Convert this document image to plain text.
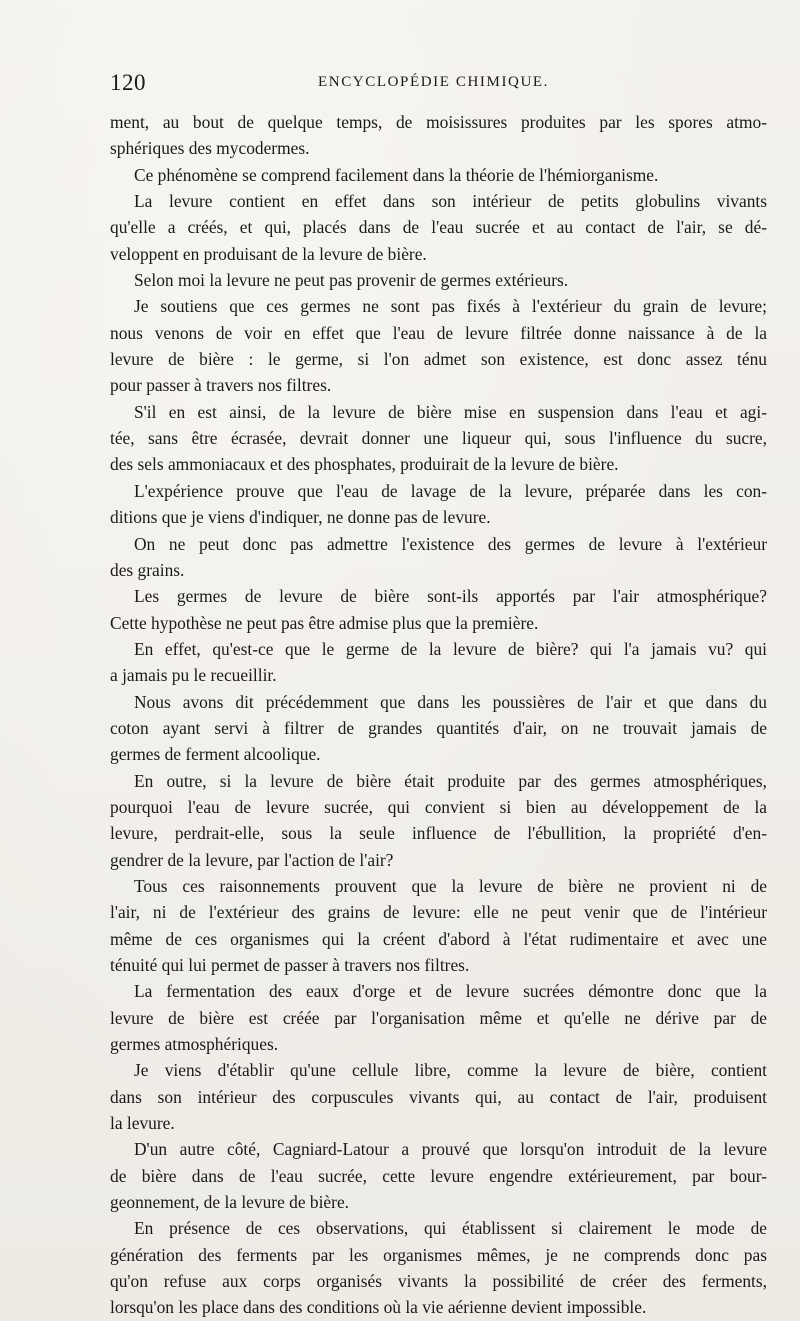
120	ENCYCLOPÉDIE CHIMIQUE.
ment, au bout de quelque temps, de moisissures produites par les spores atmo-
sphériques des mycodermes.
Ce phénomène se comprend facilement dans la théorie de l'hémiorganisme.
La levure contient en effet dans son intérieur de petits globulins vivants
qu'elle a créés, et qui, placés dans de l'eau sucrée et au contact de l'air, se dé-
veloppent en produisant de la levure de bière.
Selon moi la levure ne peut pas provenir de germes extérieurs.
Je soutiens que ces germes ne sont pas fixés à l'extérieur du grain de levure;
nous venons de voir en effet que l'eau de levure filtrée donne naissance à de la
levure de bière : le germe, si l'on admet son existence, est donc assez ténu
pour passer à travers nos filtres.
S'il en est ainsi, de la levure de bière mise en suspension dans l'eau et agi-
tée, sans être écrasée, devrait donner une liqueur qui, sous l'influence du sucre,
des sels ammoniacaux et des phosphates, produirait de la levure de bière.
L'expérience prouve que l'eau de lavage de la levure, préparée dans les con-
ditions que je viens d'indiquer, ne donne pas de levure.
On ne peut donc pas admettre l'existence des germes de levure à l'extérieur
des grains.
Les germes de levure de bière sont-ils apportés par l'air atmosphérique?
Cette hypothèse ne peut pas être admise plus que la première.
En effet, qu'est-ce que le germe de la levure de bière? qui l'a jamais vu? qui
a jamais pu le recueillir.
Nous avons dit précédemment que dans les poussières de l'air et que dans du
coton ayant servi à filtrer de grandes quantités d'air, on ne trouvait jamais de
germes de ferment alcoolique.
En outre, si la levure de bière était produite par des germes atmosphériques,
pourquoi l'eau de levure sucrée, qui convient si bien au développement de la
levure, perdrait-elle, sous la seule influence de l'ébullition, la propriété d'en-
gendrer de la levure, par l'action de l'air?
Tous ces raisonnements prouvent que la levure de bière ne provient ni de
l'air, ni de l'extérieur des grains de levure: elle ne peut venir que de l'intérieur
même de ces organismes qui la créent d'abord à l'état rudimentaire et avec une
ténuité qui lui permet de passer à travers nos filtres.
La fermentation des eaux d'orge et de levure sucrées démontre donc que la
levure de bière est créée par l'organisation même et qu'elle ne dérive par de
germes atmosphériques.
Je viens d'établir qu'une cellule libre, comme la levure de bière, contient
dans son intérieur des corpuscules vivants qui, au contact de l'air, produisent
la levure.
D'un autre côté, Cagniard-Latour a prouvé que lorsqu'on introduit de la levure
de bière dans de l'eau sucrée, cette levure engendre extérieurement, par bour-
geonnement, de la levure de bière.
En présence de ces observations, qui établissent si clairement le mode de
génération des ferments par les organismes mêmes, je ne comprends donc pas
qu'on refuse aux corps organisés vivants la possibilité de créer des ferments,
lorsqu'on les place dans des conditions où la vie aérienne devient impossible.
